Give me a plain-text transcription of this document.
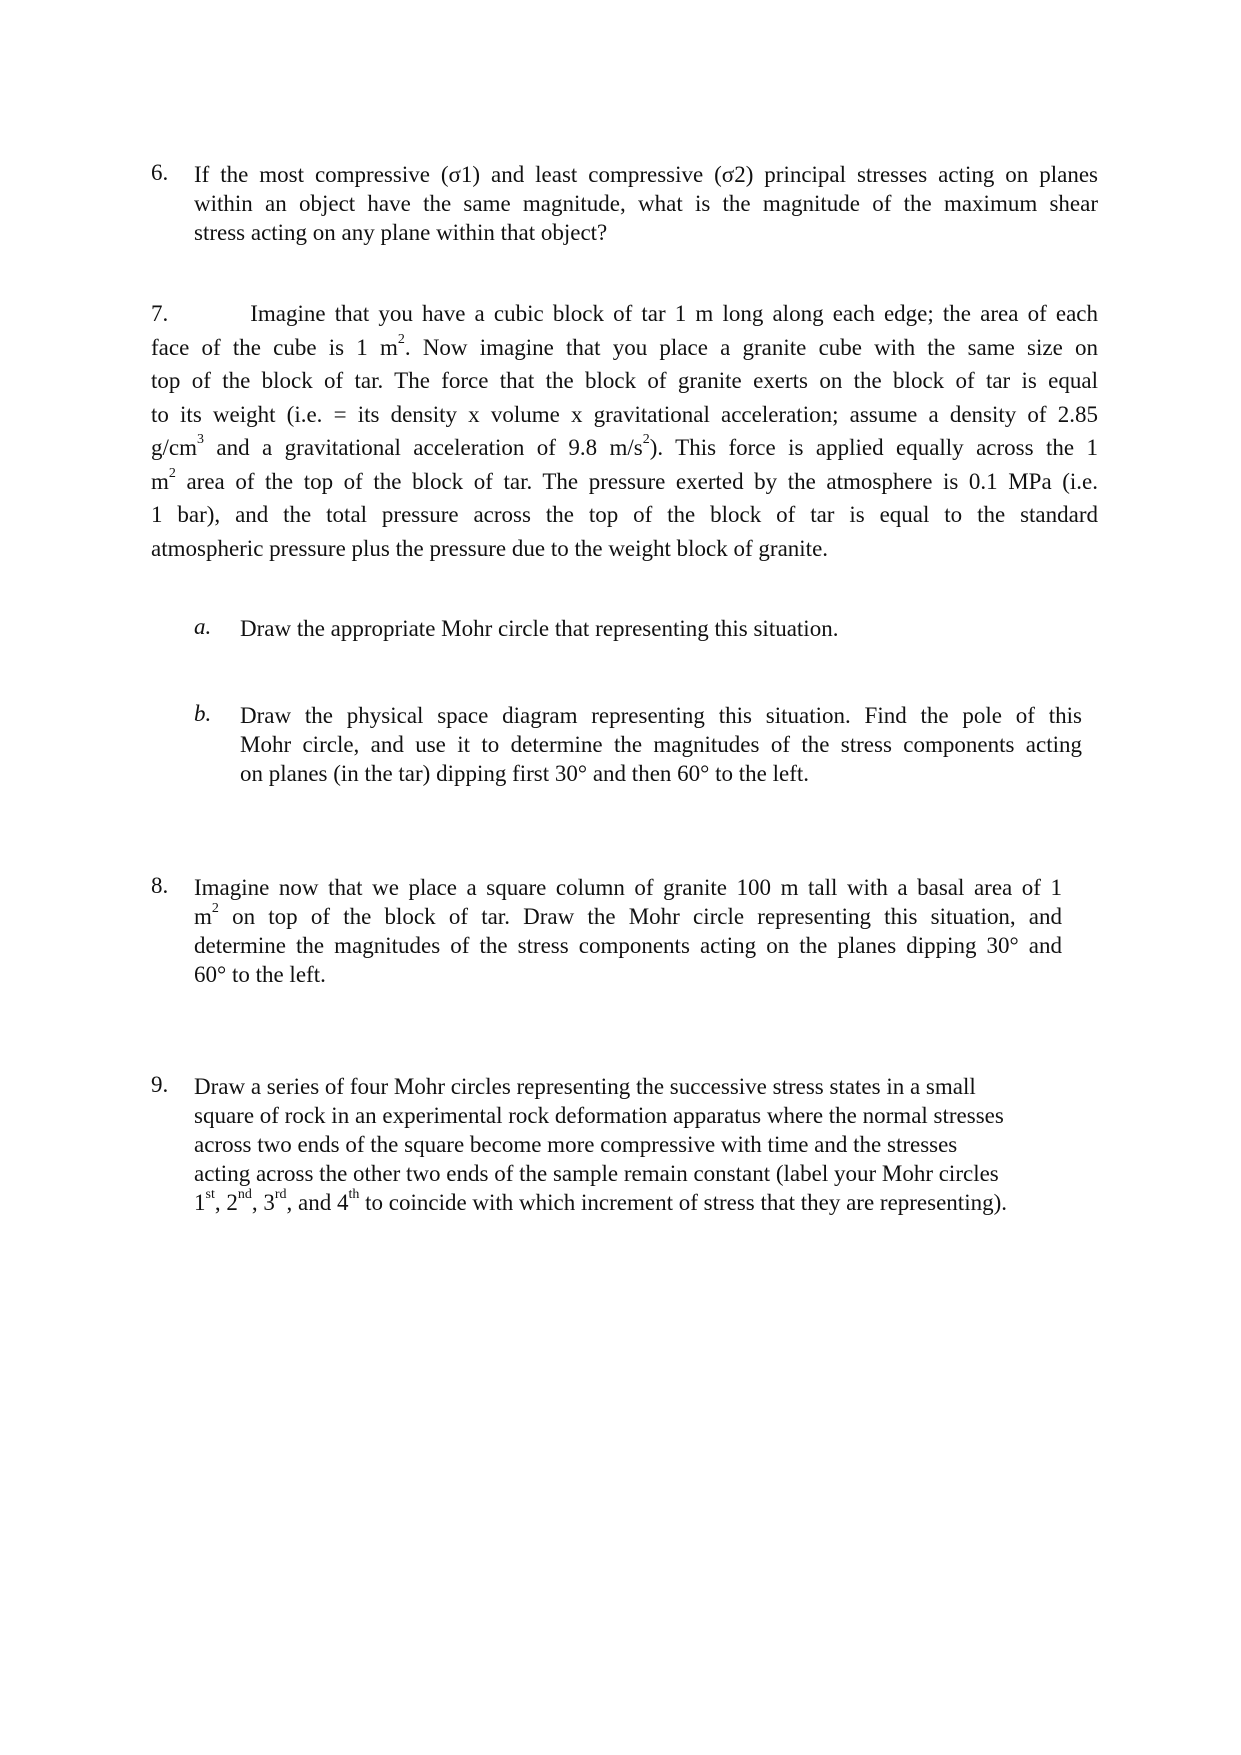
6. If the most compressive (σ1) and least compressive (σ2) principal stresses acting on planes
within an object have the same magnitude, what is the magnitude of the maximum shear
stress acting on any plane within that object?
7.	Imagine that you have a cubic block of tar 1 m long along each edge; the area of each
face of the cube is 1 $m^2$. Now imagine that you place a granite cube with the same size on
top of the block of tar. The force that the block of granite exerts on the block of tar is equal
to its weight (i.e. = its density x volume x gravitational acceleration; assume a density of 2.85
$g/cm^3$ and a gravitational acceleration of 9.8 $m/s^2$). This force is applied equally across the 1
$m^2$ area of the top of the block of tar. The pressure exerted by the atmosphere is 0.1 MPa (i.e.
1 bar), and the total pressure across the top of the block of tar is equal to the standard
atmospheric pressure plus the pressure due to the weight block of granite.
a. Draw the appropriate Mohr circle that representing this situation.
b. Draw the physical space diagram representing this situation. Find the pole of this
Mohr circle, and use it to determine the magnitudes of the stress components acting
on planes (in the tar) dipping first 30° and then 60° to the left.
8. Imagine now that we place a square column of granite 100 m tall with a basal area of 1
$m^2$ on top of the block of tar. Draw the Mohr circle representing this situation, and
determine the magnitudes of the stress components acting on the planes dipping 30° and
60° to the left.
9. Draw a series of four Mohr circles representing the successive stress states in a small
square of rock in an experimental rock deformation apparatus where the normal stresses
across two ends of the square become more compressive with time and the stresses
acting across the other two ends of the sample remain constant (label your Mohr circles
1st, 2nd, 3rd, and 4th to coincide with which increment of stress that they are representing).
